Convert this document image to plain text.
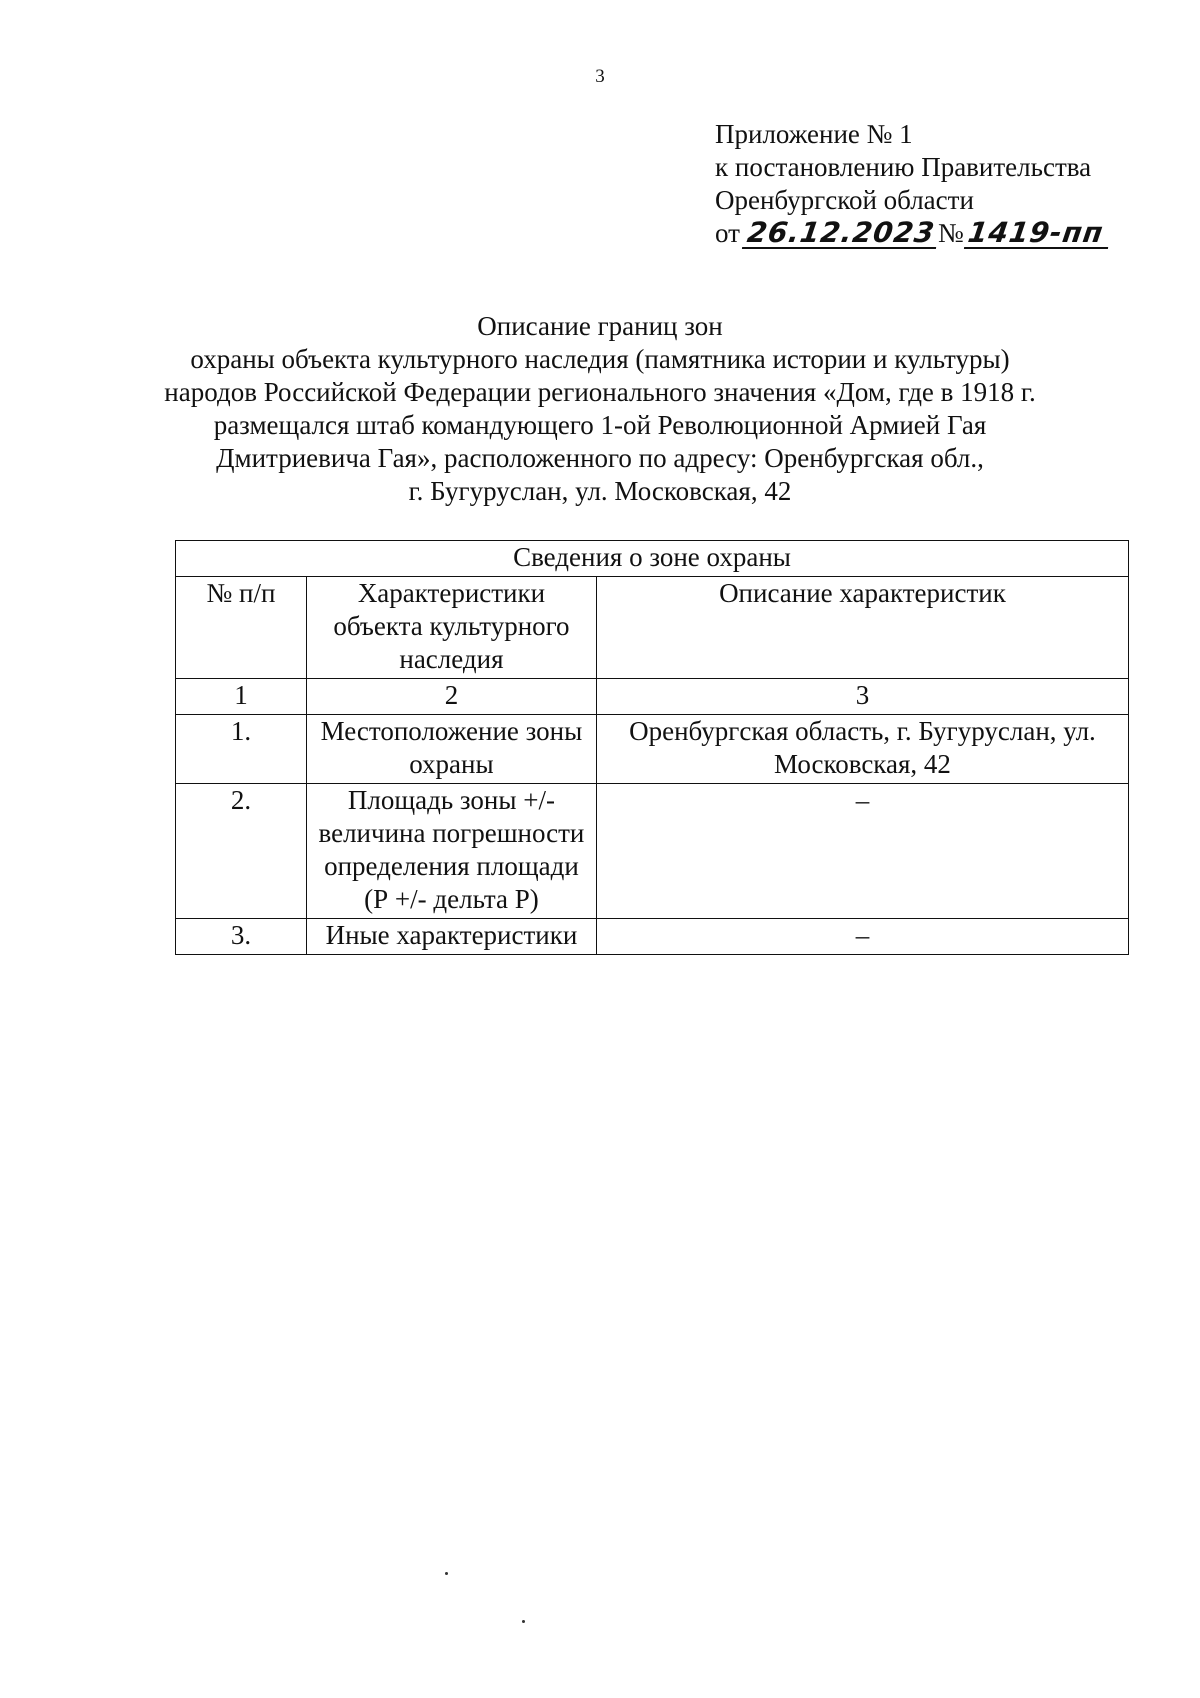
3
Приложение № 1
к постановлению Правительства
Оренбургской области
от 26.12.2023№1419-пп
Описание границ зон
охраны объекта культурного наследия (памятника истории и культуры)
народов Российской Федерации регионального значения «Дом, где в 1918 г.
размещался штаб командующего 1-ой Революционной Армией Гая
Дмитриевича Гая», расположенного по адресу: Оренбургская обл.,
г. Бугуруслан, ул. Московская, 42
Сведения о зоне охраны		
№ п/п	Характеристики объекта культурного наследия	Описание характеристик
1	2	3
1.	Местоположение зоны охраны	Оренбургская область, г. Бугуруслан, ул. Московская, 42
2.	Площадь зоны +/- величина погрешности определения площади (Р +/- дельта Р)	–
3.	Иные характеристики	–
